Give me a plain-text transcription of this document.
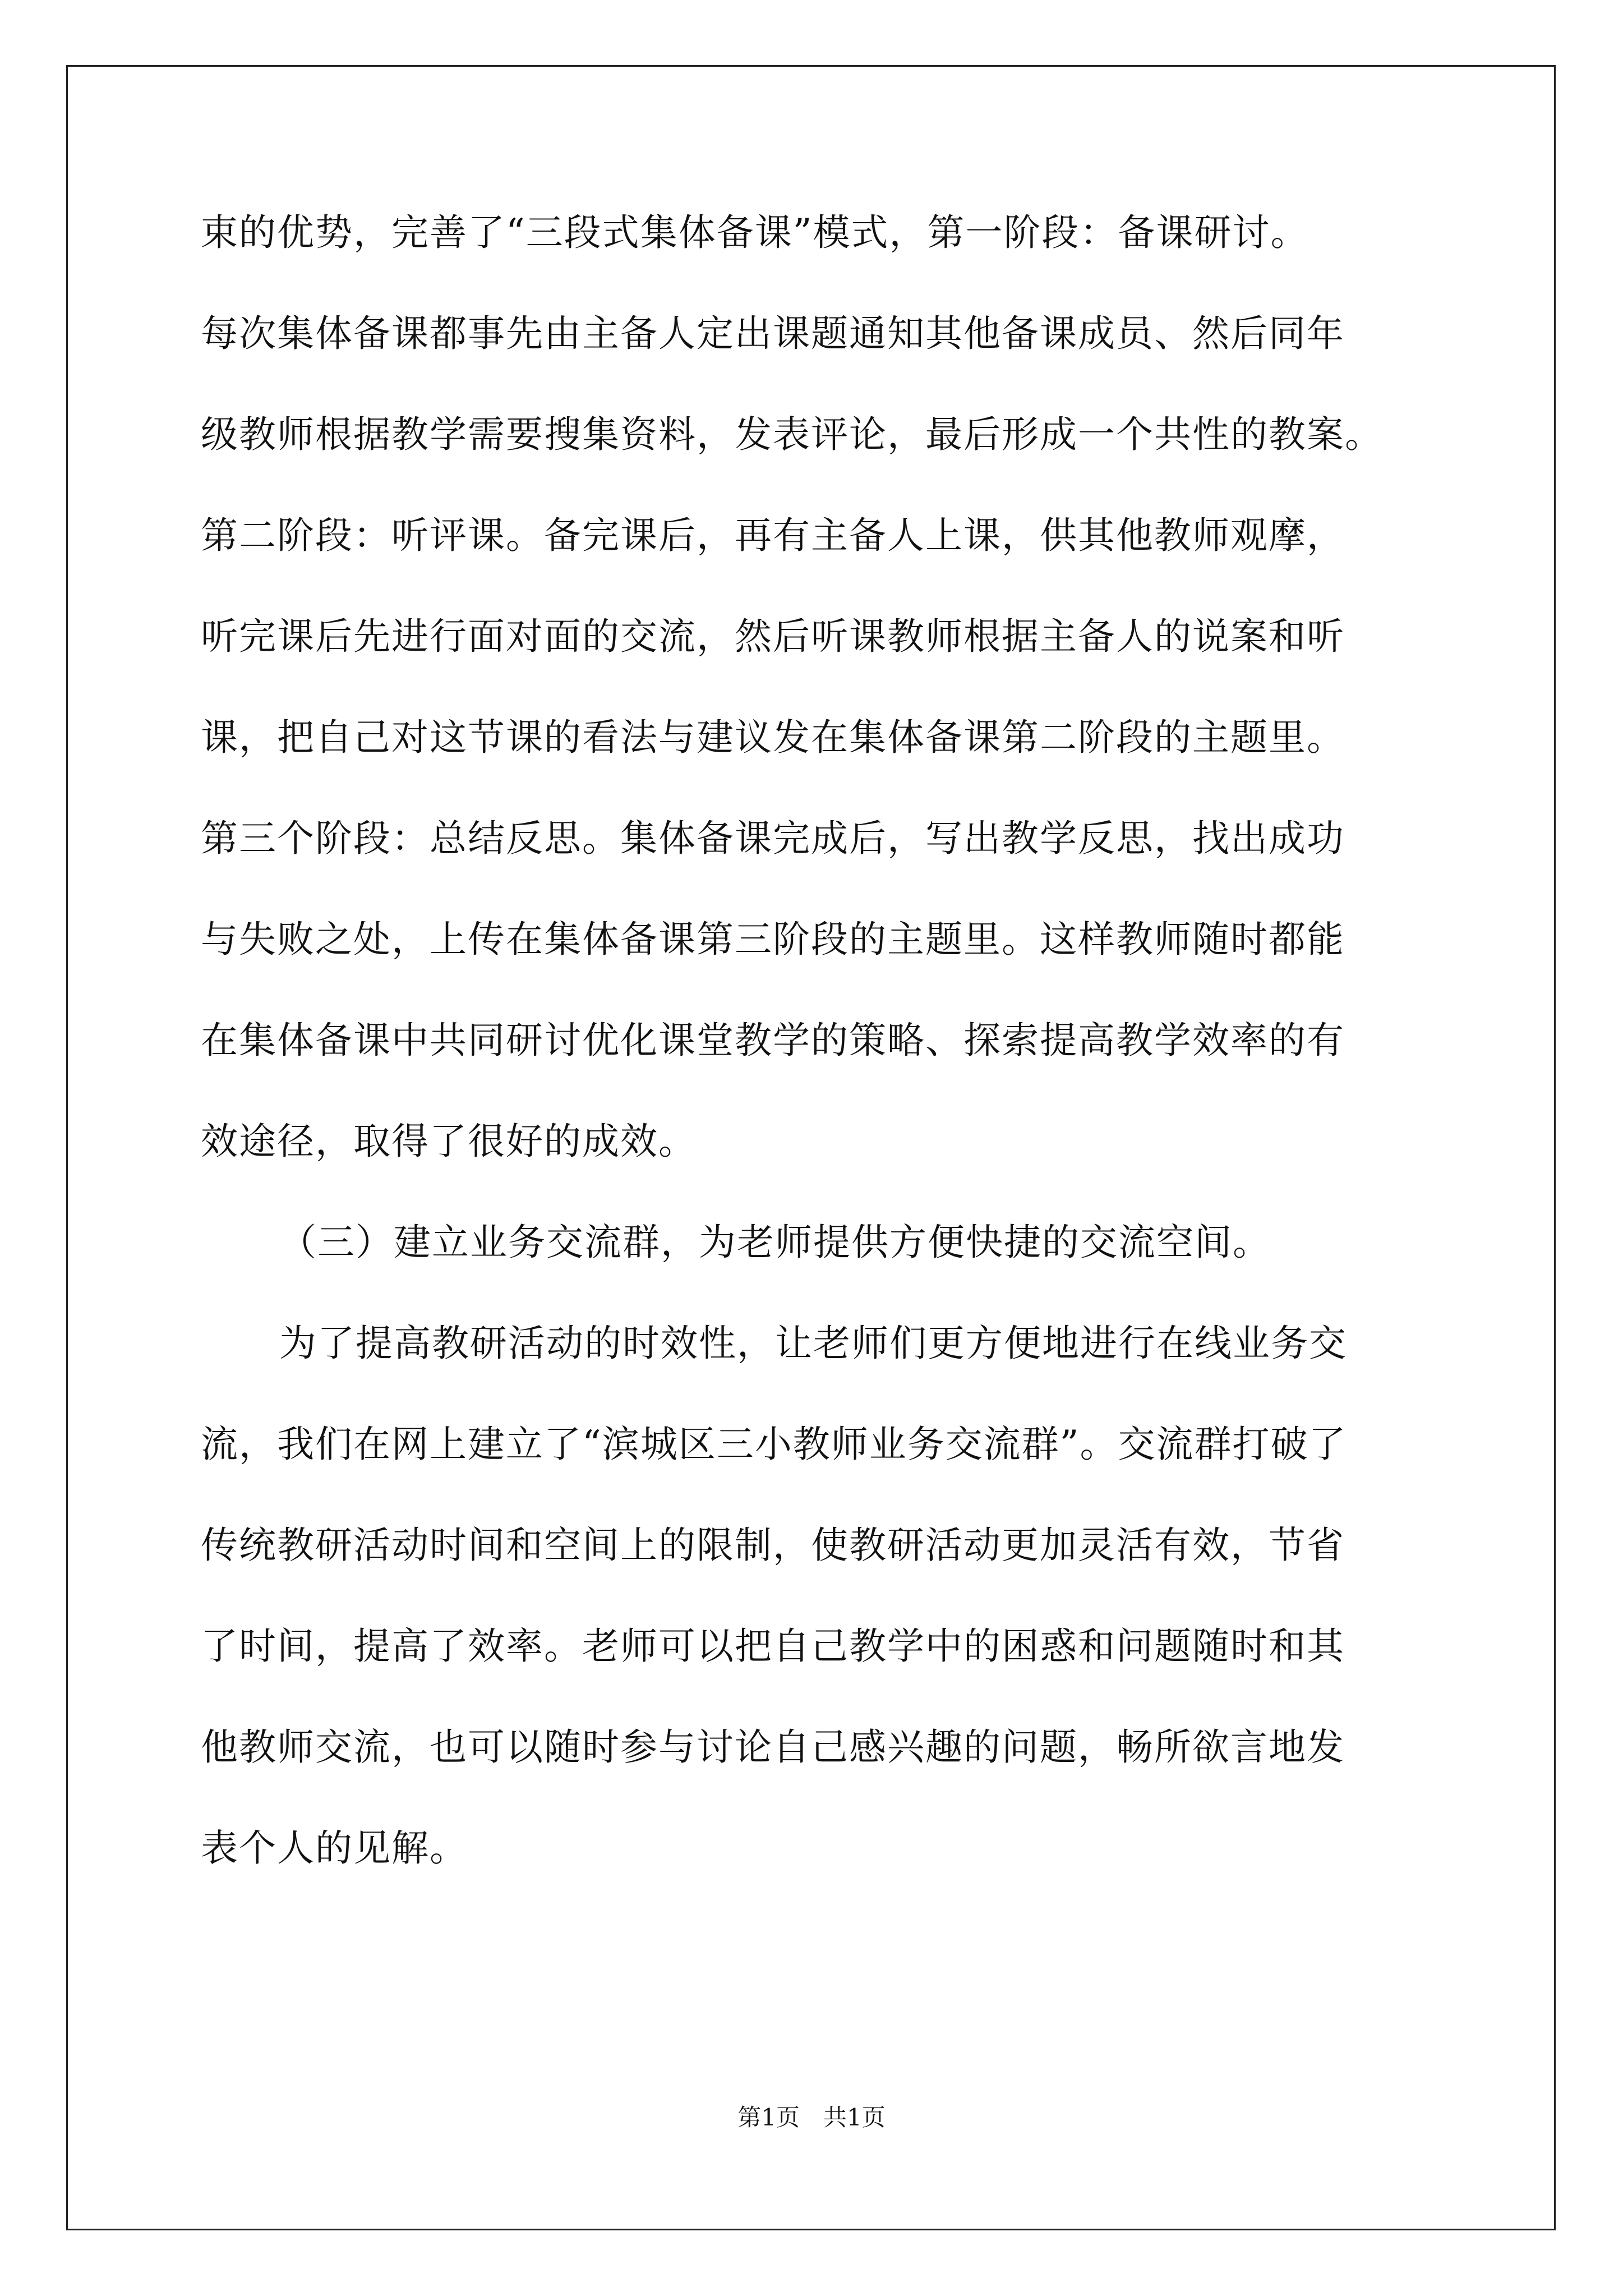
束的优势，完善了“三段式集体备课”模式，第一阶段：备课研讨。
每次集体备课都事先由主备人定出课题通知其他备课成员、然后同年
级教师根据教学需要搜集资料，发表评论，最后形成一个共性的教案。
第二阶段：听评课。备完课后，再有主备人上课，供其他教师观摩，
听完课后先进行面对面的交流，然后听课教师根据主备人的说案和听
课，把自己对这节课的看法与建议发在集体备课第二阶段的主题里。
第三个阶段：总结反思。集体备课完成后，写出教学反思，找出成功
与失败之处，上传在集体备课第三阶段的主题里。这样教师随时都能
在集体备课中共同研讨优化课堂教学的策略、探索提高教学效率的有
效途径，取得了很好的成效。
（三）建立业务交流群，为老师提供方便快捷的交流空间。
为了提高教研活动的时效性，让老师们更方便地进行在线业务交
流，我们在网上建立了“滨城区三小教师业务交流群”。交流群打破了
传统教研活动时间和空间上的限制，使教研活动更加灵活有效，节省
了时间，提高了效率。老师可以把自己教学中的困惑和问题随时和其
他教师交流，也可以随时参与讨论自己感兴趣的问题，畅所欲言地发
表个人的见解。
第1页　共1页
